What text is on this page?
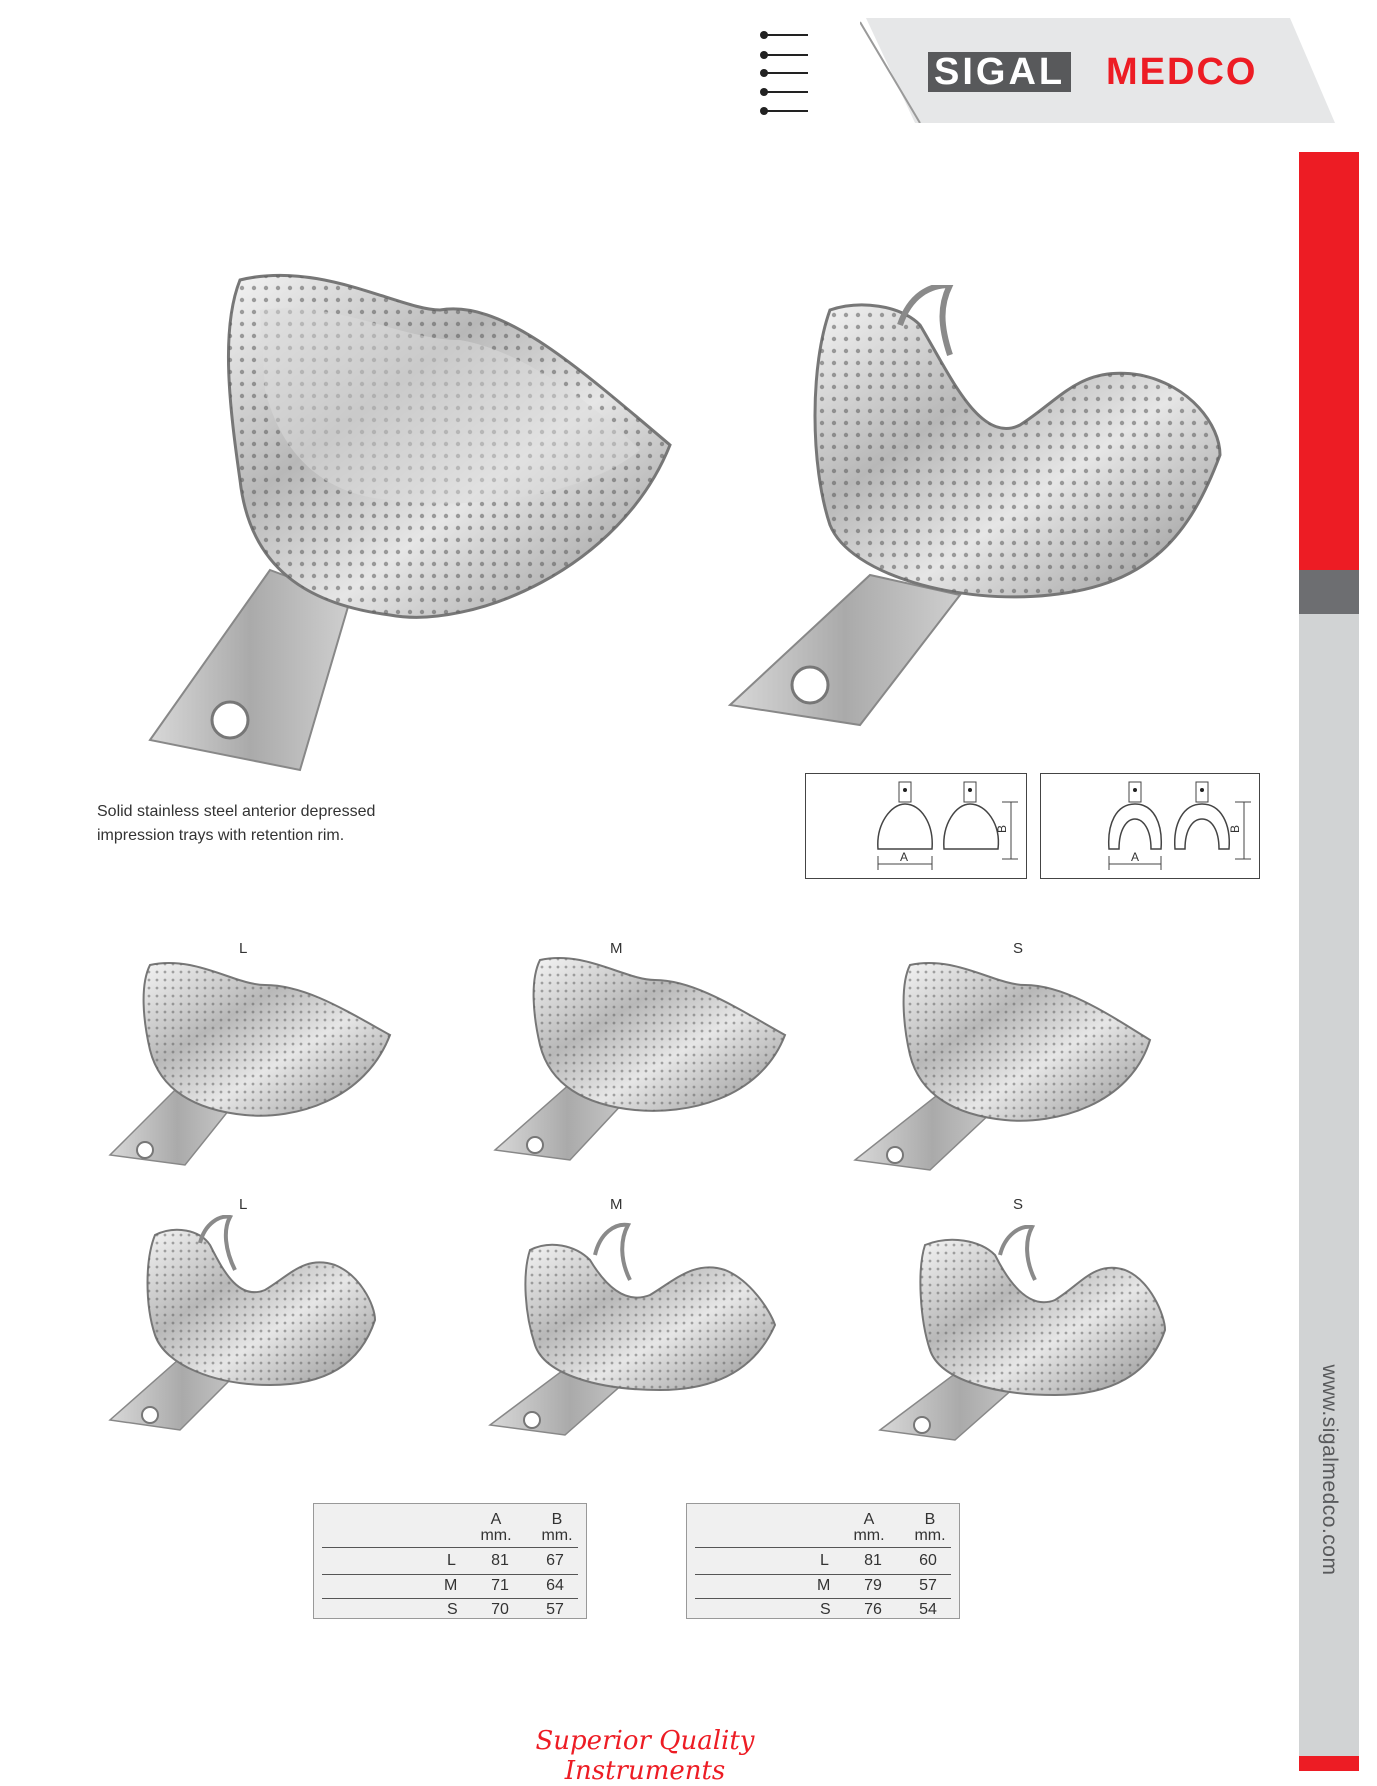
SIGAL MEDCO
www.sigalmedco.com
Solid stainless steel anterior depressed impression trays with retention rim.
A
B
A
B
L	M	S
L	M	S
A
mm.
B
mm.
L	81	67
M	71	64
S	70	57
A
mm.
B
mm.
L	81	60
M	79	57
S	76	54
Superior Quality Instruments
